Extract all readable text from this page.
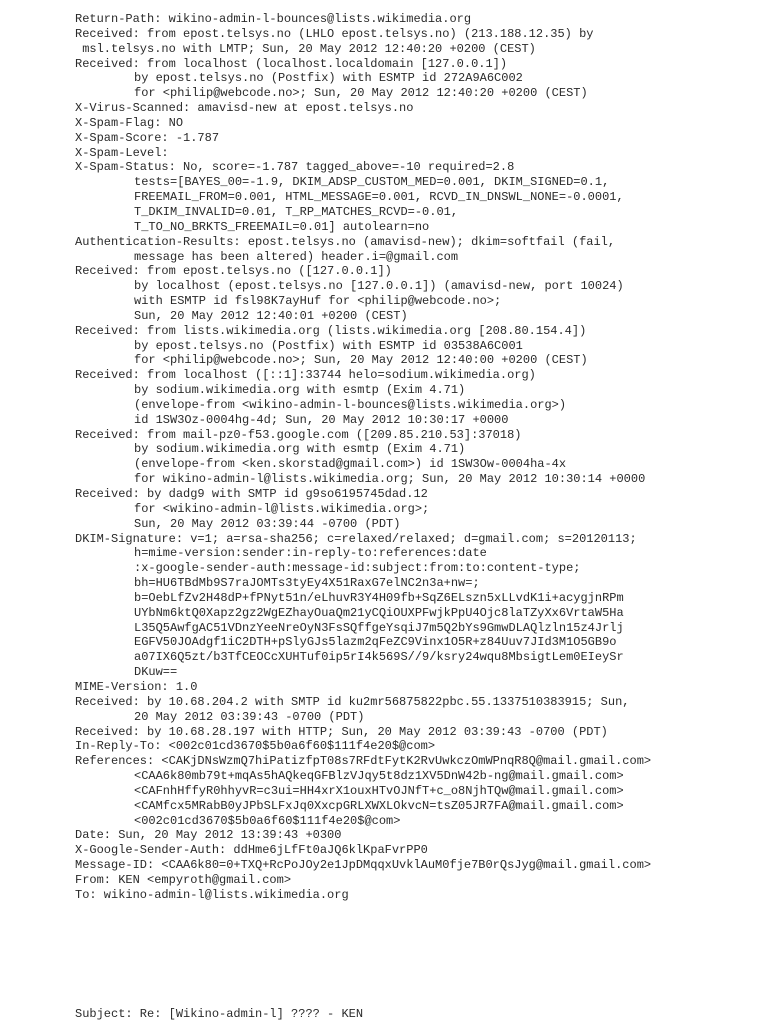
Return-Path: wikino-admin-l-bounces@lists.wikimedia.org
Received: from epost.telsys.no (LHLO epost.telsys.no) (213.188.12.35) by
msl.telsys.no with LMTP; Sun, 20 May 2012 12:40:20 +0200 (CEST)
Received: from localhost (localhost.localdomain [127.0.0.1])
by epost.telsys.no (Postfix) with ESMTP id 272A9A6C002
for <philip@webcode.no>; Sun, 20 May 2012 12:40:20 +0200 (CEST)
X-Virus-Scanned: amavisd-new at epost.telsys.no
X-Spam-Flag: NO
X-Spam-Score: -1.787
X-Spam-Level:
X-Spam-Status: No, score=-1.787 tagged_above=-10 required=2.8
tests=[BAYES_00=-1.9, DKIM_ADSP_CUSTOM_MED=0.001, DKIM_SIGNED=0.1,
FREEMAIL_FROM=0.001, HTML_MESSAGE=0.001, RCVD_IN_DNSWL_NONE=-0.0001,
T_DKIM_INVALID=0.01, T_RP_MATCHES_RCVD=-0.01,
T_TO_NO_BRKTS_FREEMAIL=0.01] autolearn=no
Authentication-Results: epost.telsys.no (amavisd-new); dkim=softfail (fail,
message has been altered) header.i=@gmail.com
Received: from epost.telsys.no ([127.0.0.1])
by localhost (epost.telsys.no [127.0.0.1]) (amavisd-new, port 10024)
with ESMTP id fsl98K7ayHuf for <philip@webcode.no>;
Sun, 20 May 2012 12:40:01 +0200 (CEST)
Received: from lists.wikimedia.org (lists.wikimedia.org [208.80.154.4])
by epost.telsys.no (Postfix) with ESMTP id 03538A6C001
for <philip@webcode.no>; Sun, 20 May 2012 12:40:00 +0200 (CEST)
Received: from localhost ([::1]:33744 helo=sodium.wikimedia.org)
by sodium.wikimedia.org with esmtp (Exim 4.71)
(envelope-from <wikino-admin-l-bounces@lists.wikimedia.org>)
id 1SW3Oz-0004hg-4d; Sun, 20 May 2012 10:30:17 +0000
Received: from mail-pz0-f53.google.com ([209.85.210.53]:37018)
by sodium.wikimedia.org with esmtp (Exim 4.71)
(envelope-from <ken.skorstad@gmail.com>) id 1SW3Ow-0004ha-4x
for wikino-admin-l@lists.wikimedia.org; Sun, 20 May 2012 10:30:14 +0000
Received: by dadg9 with SMTP id g9so6195745dad.12
for <wikino-admin-l@lists.wikimedia.org>;
Sun, 20 May 2012 03:39:44 -0700 (PDT)
DKIM-Signature: v=1; a=rsa-sha256; c=relaxed/relaxed; d=gmail.com; s=20120113;
h=mime-version:sender:in-reply-to:references:date
:x-google-sender-auth:message-id:subject:from:to:content-type;
bh=HU6TBdMb9S7raJOMTs3tyEy4X51RaxG7elNC2n3a+nw=;
b=OebLfZv2H48dP+fPNyt51n/eLhuvR3Y4H09fb+SqZ6ELszn5xLLvdK1i+acygjnRPm
UYbNm6ktQ0Xapz2gz2WgEZhayOuaQm21yCQiOUXPFwjkPpU4Ojc8laTZyXx6VrtaW5Ha
L35Q5AwfgAC51VDnzYeeNreOyN3FsSQffgeYsqiJ7m5Q2bYs9GmwDLAQlzln15z4Jrlj
EGFV50JOAdgf1iC2DTH+pSlyGJs5lazm2qFeZC9Vinx1O5R+z84Uuv7JId3M1O5GB9o
a07IX6Q5zt/b3TfCEOCcXUHTuf0ip5rI4k569S//9/ksry24wqu8MbsigtLem0EIeySr
DKuw==
MIME-Version: 1.0
Received: by 10.68.204.2 with SMTP id ku2mr56875822pbc.55.1337510383915; Sun,
20 May 2012 03:39:43 -0700 (PDT)
Received: by 10.68.28.197 with HTTP; Sun, 20 May 2012 03:39:43 -0700 (PDT)
In-Reply-To: <002c01cd3670$5b0a6f60$111f4e20$@com>
References: <CAKjDNsWzmQ7hiPatizfpT08s7RFdtFytK2RvUwkczOmWPnqR8Q@mail.gmail.com>
<CAA6k80mb79t+mqAs5hAQkeqGFBlzVJqy5t8dz1XV5DnW42b-ng@mail.gmail.com>
<CAFnhHffyR0hhyvR=c3ui=HH4xrX1ouxHTvOJNfT+c_o8NjhTQw@mail.gmail.com>
<CAMfcx5MRabB0yJPbSLFxJq0XxcpGRLXWXLOkvcN=tsZ05JR7FA@mail.gmail.com>
<002c01cd3670$5b0a6f60$111f4e20$@com>
Date: Sun, 20 May 2012 13:39:43 +0300
X-Google-Sender-Auth: ddHme6jLfFt0aJQ6klKpaFvrPP0
Message-ID: <CAA6k80=0+TXQ+RcPoJOy2e1JpDMqqxUvklAuM0fje7B0rQsJyg@mail.gmail.com>
From: KEN <empyroth@gmail.com>
To: wikino-admin-l@lists.wikimedia.org
Subject: Re: [Wikino-admin-l] ???? - KEN
